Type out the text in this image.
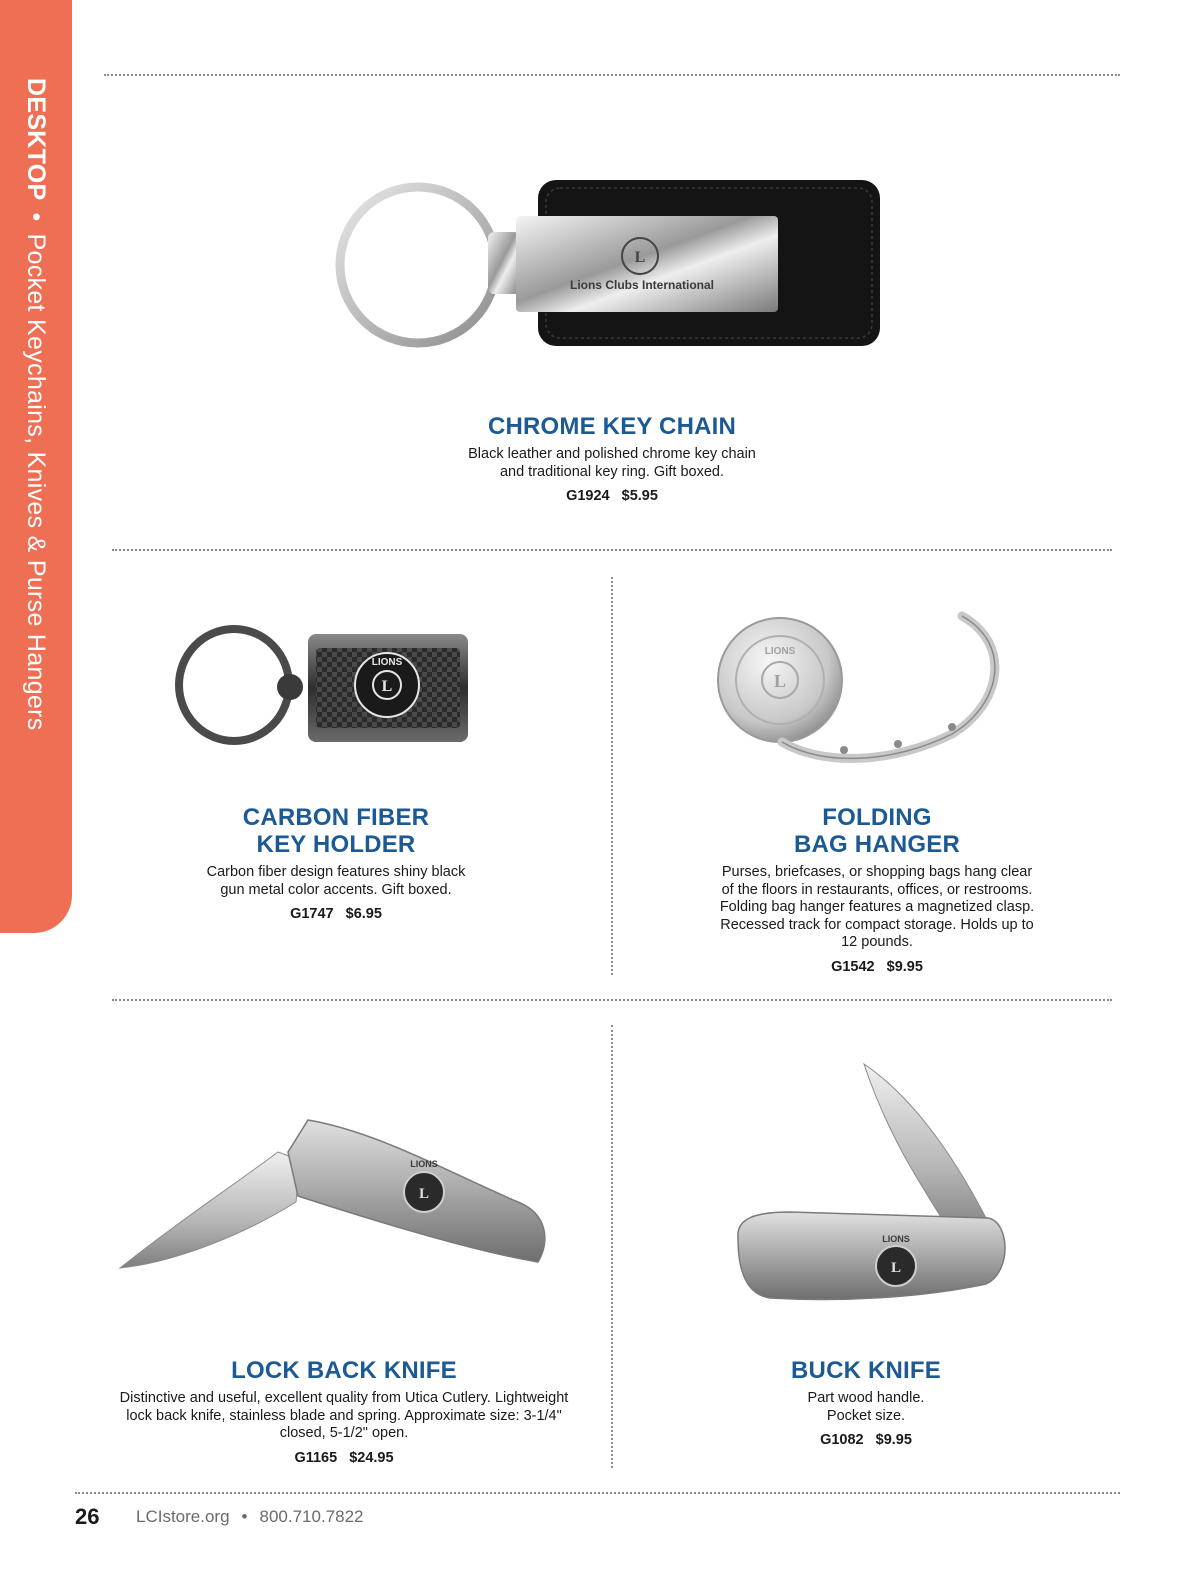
DESKTOP•Pocket Keychains, Knives & Purse Hangers	L
Lions Clubs International
CHROME KEY CHAIN
Black leather and polished chrome key chain
and traditional key ring. Gift boxed.
G1924 $5.95
L
LIONS
CARBON FIBER
KEY HOLDER
Carbon fiber design features shiny black
gun metal color accents. Gift boxed.
G1747 $6.95
L
LIONS
FOLDING
BAG HANGER
Purses, briefcases, or shopping bags hang clear
of the floors in restaurants, offices, or restrooms.
Folding bag hanger features a magnetized clasp.
Recessed track for compact storage. Holds up to
12 pounds.
G1542 $9.95
L
LIONS
LOCK BACK KNIFE
Distinctive and useful, excellent quality from Utica Cutlery. Lightweight
lock back knife, stainless blade and spring. Approximate size: 3-1/4"
closed, 5-1/2" open.
G1165 $24.95
L
LIONS
BUCK KNIFE
Part wood handle.
Pocket size.
G1082 $9.95
26 LCIstore.org • 800.710.7822
